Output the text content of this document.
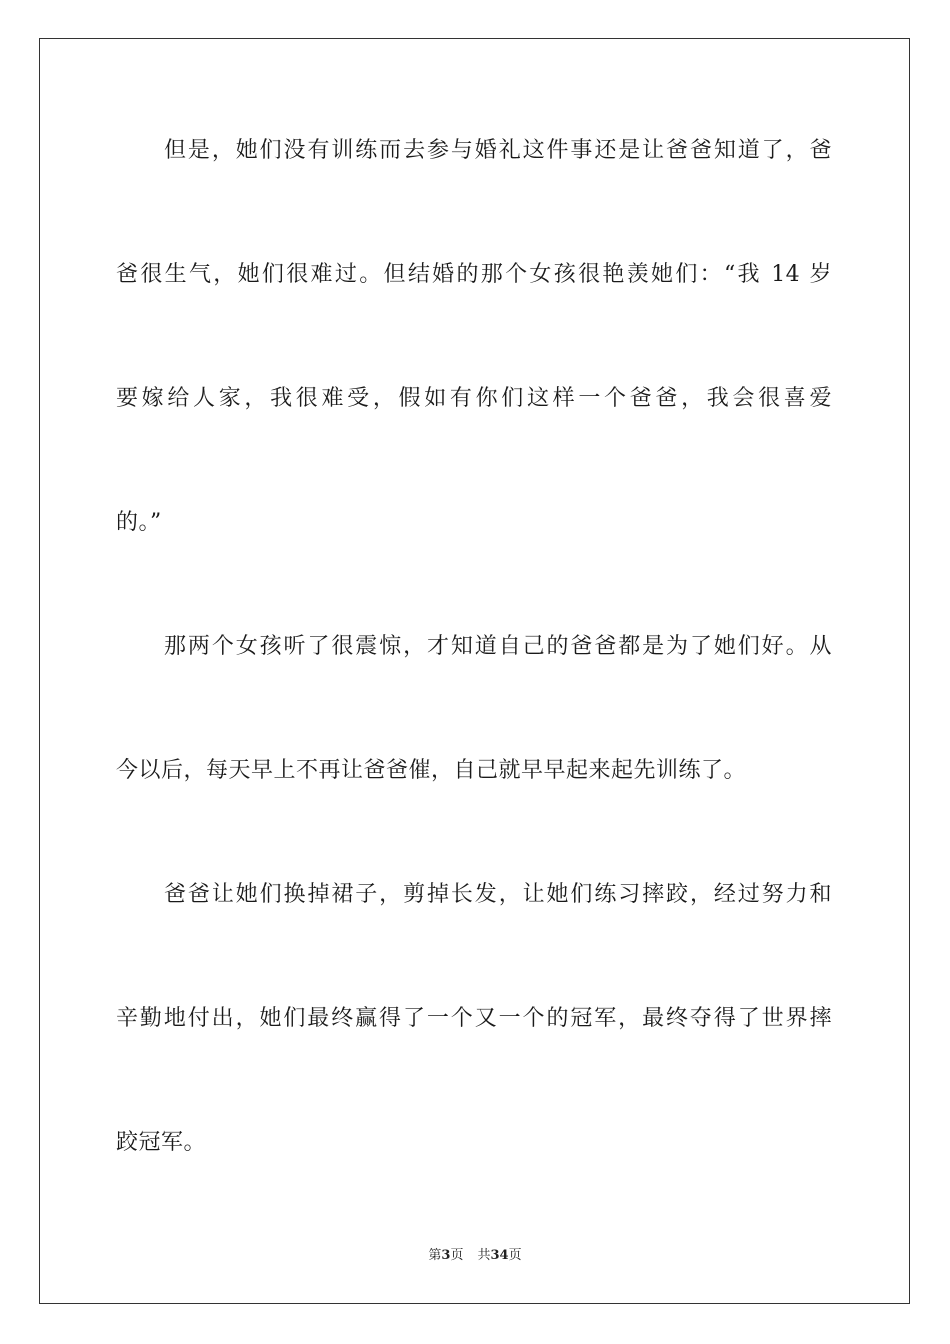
但是，她们没有训练而去参与婚礼这件事还是让爸爸知道了，爸
爸很生气，她们很难过。但结婚的那个女孩很艳羡她们：“我 14 岁
要嫁给人家，我很难受，假如有你们这样一个爸爸，我会很喜爱
的。”
那两个女孩听了很震惊，才知道自己的爸爸都是为了她们好。从
今以后，每天早上不再让爸爸催，自己就早早起来起先训练了。
爸爸让她们换掉裙子，剪掉长发，让她们练习摔跤，经过努力和
辛勤地付出，她们最终赢得了一个又一个的冠军，最终夺得了世界摔
跤冠军。
第3页 共34页
